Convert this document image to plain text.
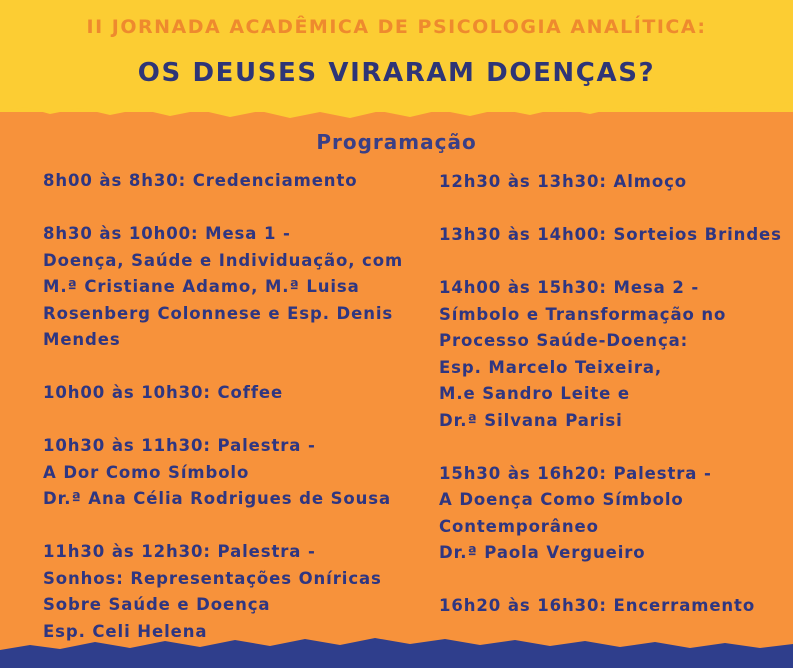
II JORNADA ACADÊMICA DE PSICOLOGIA ANALÍTICA:
OS DEUSES VIRARAM DOENÇAS?
Programação
8h00 às 8h30: Credenciamento
8h30 às 10h00: Mesa 1 -
Doença, Saúde e Individuação, com
M.ª Cristiane Adamo, M.ª Luisa
Rosenberg Colonnese e Esp. Denis
Mendes
10h00 às 10h30: Coffee
10h30 às 11h30: Palestra -
A Dor Como Símbolo
Dr.ª Ana Célia Rodrigues de Sousa
11h30 às 12h30: Palestra -
Sonhos: Representações Oníricas
Sobre Saúde e Doença
Esp. Celi Helena
12h30 às 13h30: Almoço
13h30 às 14h00: Sorteios Brindes
14h00 às 15h30: Mesa 2 -
Símbolo e Transformação no
Processo Saúde-Doença:
Esp. Marcelo Teixeira,
M.e Sandro Leite e
Dr.ª Silvana Parisi
15h30 às 16h20: Palestra -
A Doença Como Símbolo
Contemporâneo
Dr.ª Paola Vergueiro
16h20 às 16h30: Encerramento
